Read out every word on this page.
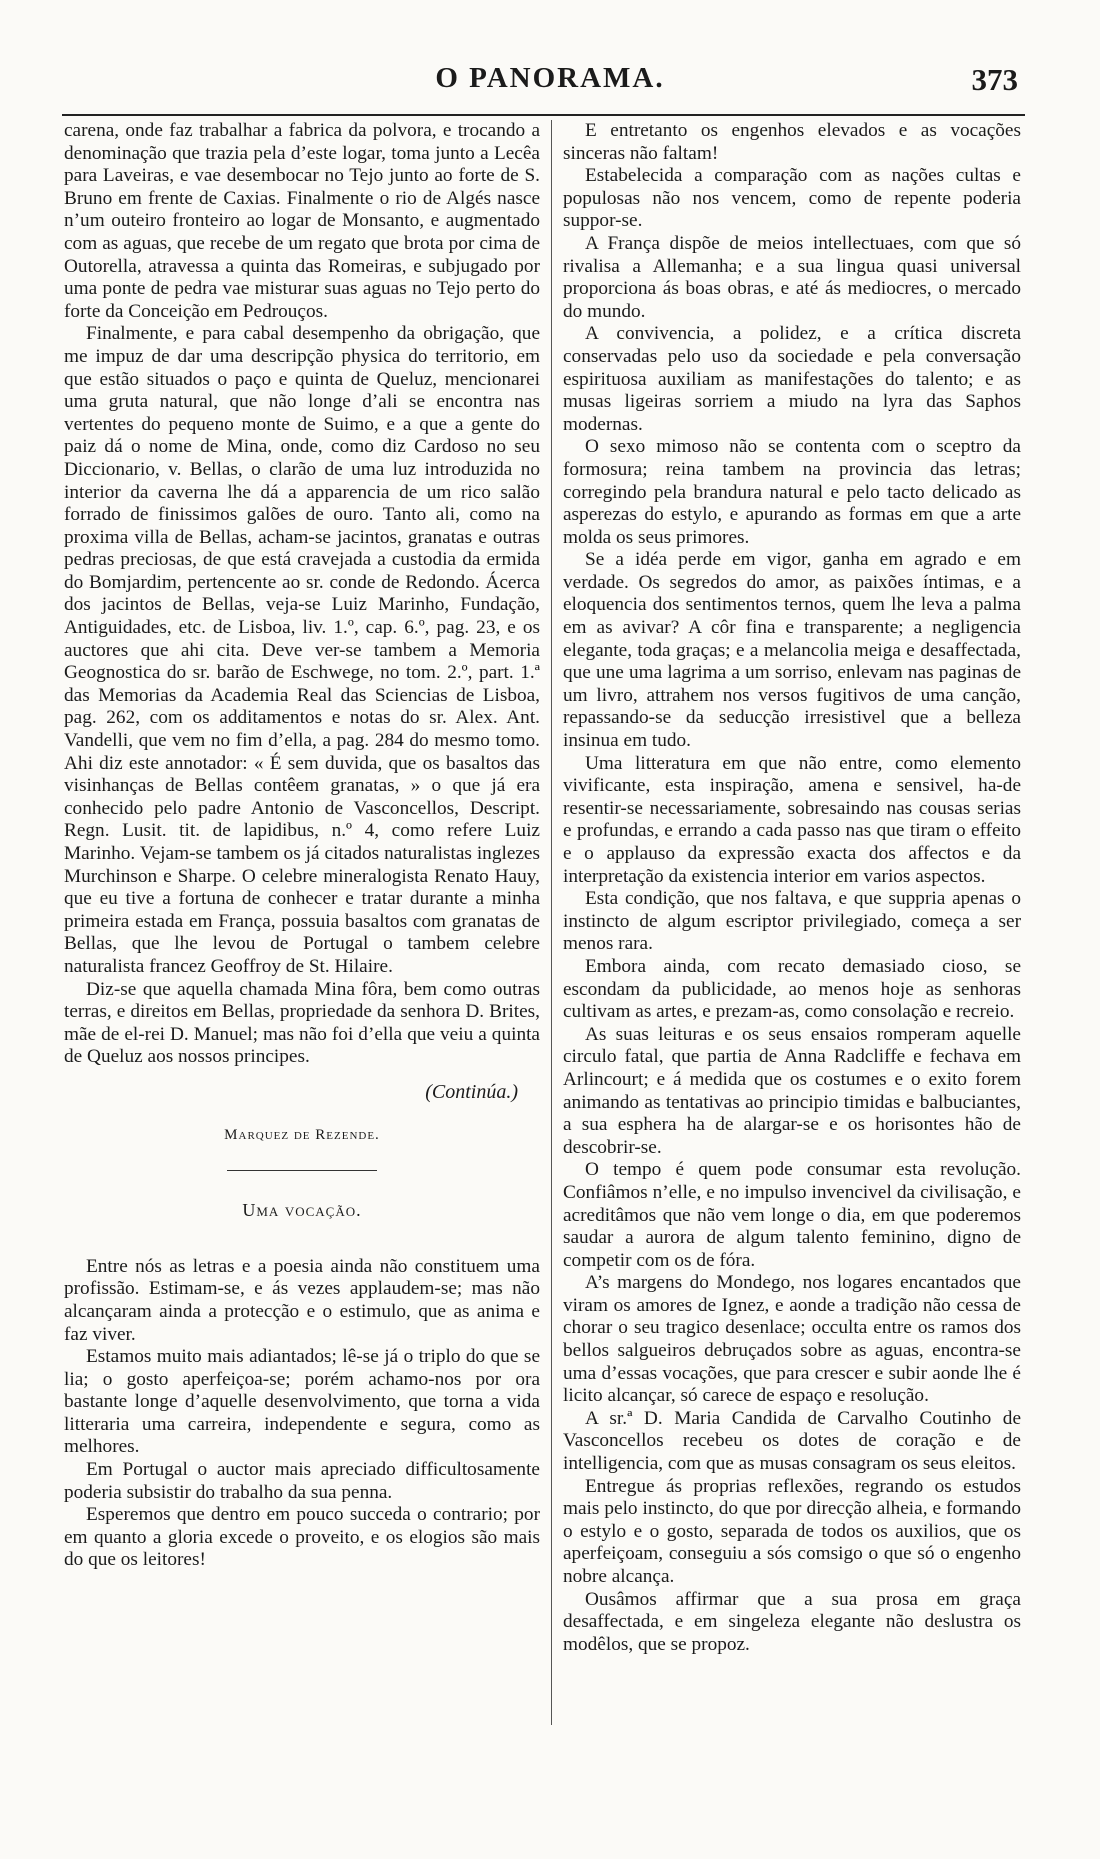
O PANORAMA.	373

carena, onde faz trabalhar a fabrica da polvora, e trocando a denominação que trazia pela d’este logar, toma junto a Lecêa para Laveiras, e vae desembocar no Tejo junto ao forte de S. Bruno em frente de Caxias. Finalmente o rio de Algés nasce n’um outeiro fronteiro ao logar de Monsanto, e augmentado com as aguas, que recebe de um regato que brota por cima de Outorella, atravessa a quinta das Romeiras, e subjugado por uma ponte de pedra vae misturar suas aguas no Tejo perto do forte da Conceição em Pedrouços.

Finalmente, e para cabal desempenho da obrigação, que me impuz de dar uma descripção physica do territorio, em que estão situados o paço e quinta de Queluz, mencionarei uma gruta natural, que não longe d’ali se encontra nas vertentes do pequeno monte de Suimo, e a que a gente do paiz dá o nome de Mina, onde, como diz Cardoso no seu Diccionario, v. Bellas, o clarão de uma luz introduzida no interior da caverna lhe dá a apparencia de um rico salão forrado de finissimos galões de ouro. Tanto ali, como na proxima villa de Bellas, acham-se jacintos, granatas e outras pedras preciosas, de que está cravejada a custodia da ermida do Bomjardim, pertencente ao sr. conde de Redondo. Ácerca dos jacintos de Bellas, veja-se Luiz Marinho, Fundação, Antiguidades, etc. de Lisboa, liv. 1.º, cap. 6.º, pag. 23, e os auctores que ahi cita. Deve ver-se tambem a Memoria Geognostica do sr. barão de Eschwege, no tom. 2.º, part. 1.ª das Memorias da Academia Real das Sciencias de Lisboa, pag. 262, com os additamentos e notas do sr. Alex. Ant. Vandelli, que vem no fim d’ella, a pag. 284 do mesmo tomo. Ahi diz este annotador: « É sem duvida, que os basaltos das visinhanças de Bellas contêem granatas, » o que já era conhecido pelo padre Antonio de Vasconcellos, Descript. Regn. Lusit. tit. de lapidibus, n.º 4, como refere Luiz Marinho. Vejam-se tambem os já citados naturalistas inglezes Murchinson e Sharpe. O celebre mineralogista Renato Hauy, que eu tive a fortuna de conhecer e tratar durante a minha primeira estada em França, possuia basaltos com granatas de Bellas, que lhe levou de Portugal o tambem celebre naturalista francez Geoffroy de St. Hilaire.

Diz-se que aquella chamada Mina fôra, bem como outras terras, e direitos em Bellas, propriedade da senhora D. Brites, mãe de el-rei D. Manuel; mas não foi d’ella que veiu a quinta de Queluz aos nossos principes.

(Continúa.)
Marquez de Rezende.
Uma vocação.

Entre nós as letras e a poesia ainda não constituem uma profissão. Estimam-se, e ás vezes applaudem-se; mas não alcançaram ainda a protecção e o estimulo, que as anima e faz viver.

Estamos muito mais adiantados; lê-se já o triplo do que se lia; o gosto aperfeiçoa-se; porém achamo-nos por ora bastante longe d’aquelle desenvolvimento, que torna a vida litteraria uma carreira, independente e segura, como as melhores.

Em Portugal o auctor mais apreciado difficultosamente poderia subsistir do trabalho da sua penna.

Esperemos que dentro em pouco succeda o contrario; por em quanto a gloria excede o proveito, e os elogios são mais do que os leitores!

E entretanto os engenhos elevados e as vocações sinceras não faltam!

Estabelecida a comparação com as nações cultas e populosas não nos vencem, como de repente poderia suppor-se.

A França dispõe de meios intellectuaes, com que só rivalisa a Allemanha; e a sua lingua quasi universal proporciona ás boas obras, e até ás mediocres, o mercado do mundo.

A convivencia, a polidez, e a crítica discreta conservadas pelo uso da sociedade e pela conversação espirituosa auxiliam as manifestações do talento; e as musas ligeiras sorriem a miudo na lyra das Saphos modernas.

O sexo mimoso não se contenta com o sceptro da formosura; reina tambem na provincia das letras; corregindo pela brandura natural e pelo tacto delicado as asperezas do estylo, e apurando as formas em que a arte molda os seus primores.

Se a idéa perde em vigor, ganha em agrado e em verdade. Os segredos do amor, as paixões íntimas, e a eloquencia dos sentimentos ternos, quem lhe leva a palma em as avivar? A côr fina e transparente; a negligencia elegante, toda graças; e a melancolia meiga e desaffectada, que une uma lagrima a um sorriso, enlevam nas paginas de um livro, attrahem nos versos fugitivos de uma canção, repassando-se da seducção irresistivel que a belleza insinua em tudo.

Uma litteratura em que não entre, como elemento vivificante, esta inspiração, amena e sensivel, ha-de resentir-se necessariamente, sobresaindo nas cousas serias e profundas, e errando a cada passo nas que tiram o effeito e o applauso da expressão exacta dos affectos e da interpretação da existencia interior em varios aspectos.

Esta condição, que nos faltava, e que suppria apenas o instincto de algum escriptor privilegiado, começa a ser menos rara.

Embora ainda, com recato demasiado cioso, se escondam da publicidade, ao menos hoje as senhoras cultivam as artes, e prezam-as, como consolação e recreio.

As suas leituras e os seus ensaios romperam aquelle circulo fatal, que partia de Anna Radcliffe e fechava em Arlincourt; e á medida que os costumes e o exito forem animando as tentativas ao principio timidas e balbuciantes, a sua esphera ha de alargar-se e os horisontes hão de descobrir-se.

O tempo é quem pode consumar esta revolução. Confiâmos n’elle, e no impulso invencivel da civilisação, e acreditâmos que não vem longe o dia, em que poderemos saudar a aurora de algum talento feminino, digno de competir com os de fóra.

A’s margens do Mondego, nos logares encantados que viram os amores de Ignez, e aonde a tradição não cessa de chorar o seu tragico desenlace; occulta entre os ramos dos bellos salgueiros debruçados sobre as aguas, encontra-se uma d’essas vocações, que para crescer e subir aonde lhe é licito alcançar, só carece de espaço e resolução.

A sr.ª D. Maria Candida de Carvalho Coutinho de Vasconcellos recebeu os dotes de coração e de intelligencia, com que as musas consagram os seus eleitos.

Entregue ás proprias reflexões, regrando os estudos mais pelo instincto, do que por direcção alheia, e formando o estylo e o gosto, separada de todos os auxilios, que os aperfeiçoam, conseguiu a sós comsigo o que só o engenho nobre alcança.

Ousâmos affirmar que a sua prosa em graça desaffectada, e em singeleza elegante não deslustra os modêlos, que se propoz.
